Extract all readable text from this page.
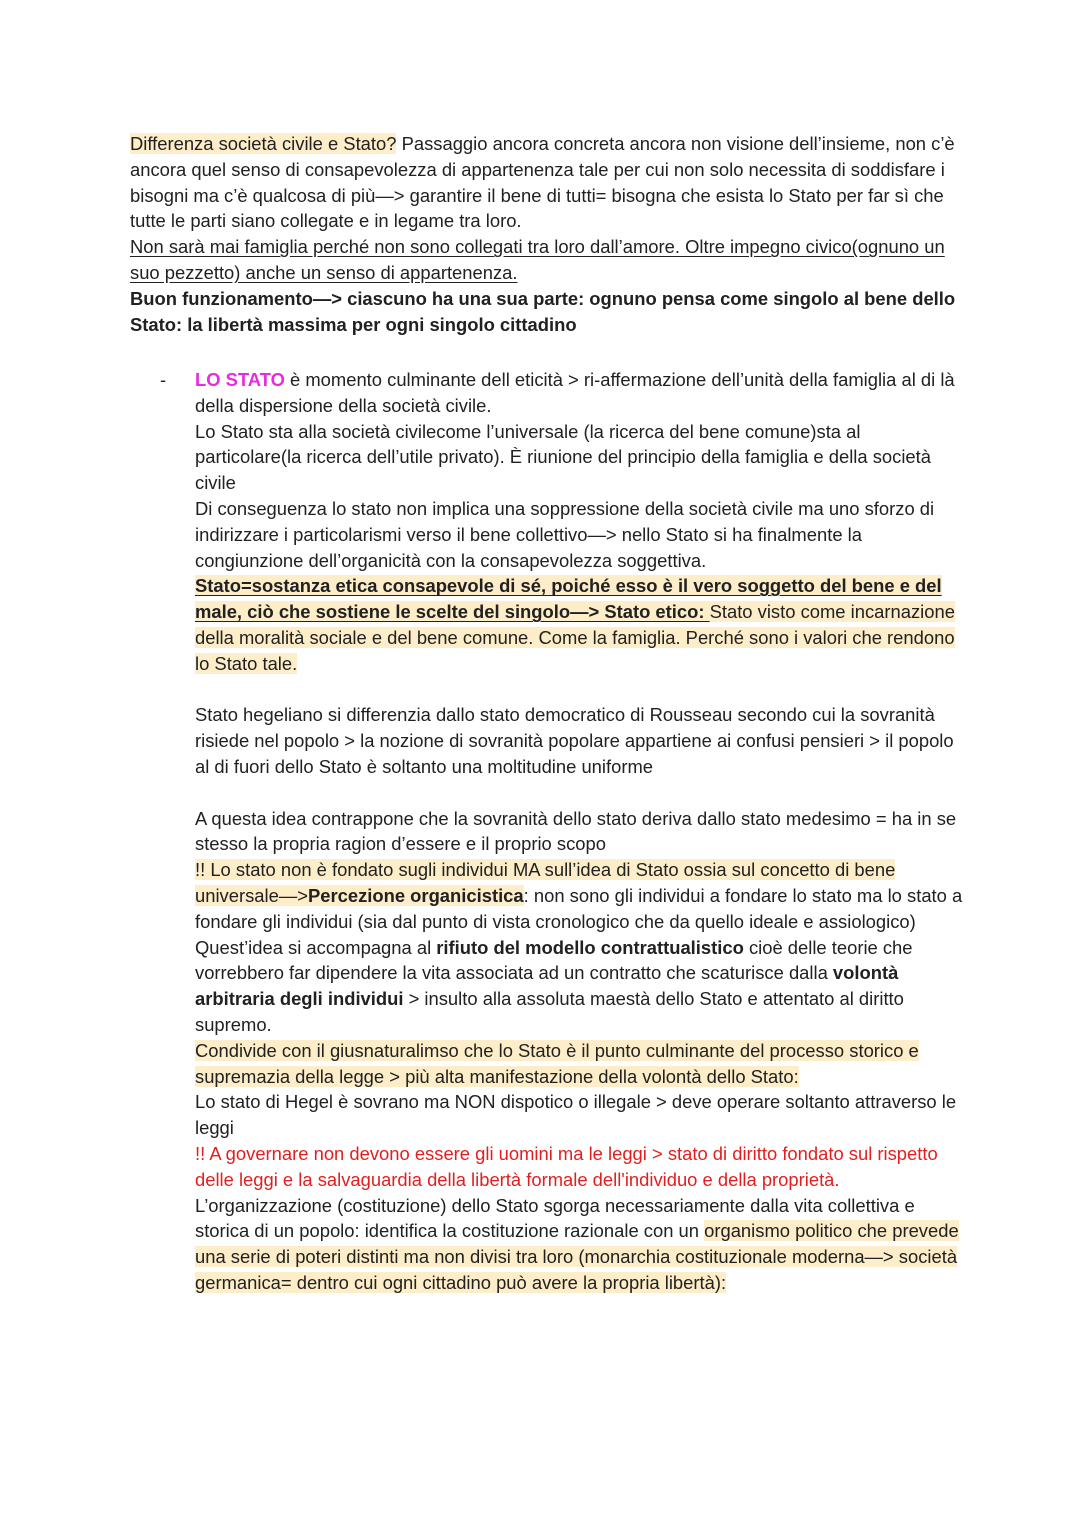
Differenza società civile e Stato? Passaggio ancora concreta ancora non visione dell’insieme, non c’è ancora quel senso di consapevolezza di appartenenza tale per cui non solo necessita di soddisfare i bisogni ma c’è qualcosa di più—> garantire il bene di tutti= bisogna che esista lo Stato per far sì che tutte le parti siano collegate e in legame tra loro.

Non sarà mai famiglia perché non sono collegati tra loro dall’amore. Oltre impegno civico(ognuno un suo pezzetto) anche un senso di appartenenza.

Buon funzionamento—> ciascuno ha una sua parte: ognuno pensa come singolo al bene dello Stato: la libertà massima per ogni singolo cittadino

- LO STATO è momento culminante dell eticità > ri-affermazione dell’unità della famiglia al di là della dispersione della società civile.

Lo Stato sta alla società civilecome l’universale (la ricerca del bene comune)sta al particolare(la ricerca dell’utile privato). È riunione del principio della famiglia e della società civile

Di conseguenza lo stato non implica una soppressione della società civile ma uno sforzo di indirizzare i particolarismi verso il bene collettivo—> nello Stato si ha finalmente la congiunzione dell’organicità con la consapevolezza soggettiva.

Stato=sostanza etica consapevole di sé, poiché esso è il vero soggetto del bene e del male, ciò che sostiene le scelte del singolo—> Stato etico: Stato visto come incarnazione della moralità sociale e del bene comune. Come la famiglia. Perché sono i valori che rendono lo Stato tale.

Stato hegeliano si differenzia dallo stato democratico di Rousseau secondo cui la sovranità risiede nel popolo > la nozione di sovranità popolare appartiene ai confusi pensieri > il popolo al di fuori dello Stato è soltanto una moltitudine uniforme

A questa idea contrappone che la sovranità dello stato deriva dallo stato medesimo = ha in se stesso la propria ragion d’essere e il proprio scopo

!! Lo stato non è fondato sugli individui MA sull’idea di Stato ossia sul concetto di bene universale—>Percezione organicistica: non sono gli individui a fondare lo stato ma lo stato a fondare gli individui (sia dal punto di vista cronologico che da quello ideale e assiologico)

Quest’idea si accompagna al rifiuto del modello contrattualistico cioè delle teorie che vorrebbero far dipendere la vita associata ad un contratto che scaturisce dalla volontà arbitraria degli individui > insulto alla assoluta maestà dello Stato e attentato al diritto supremo.

Condivide con il giusnaturalimso che lo Stato è il punto culminante del processo storico e supremazia della legge > più alta manifestazione della volontà dello Stato:

Lo stato di Hegel è sovrano ma NON dispotico o illegale > deve operare soltanto attraverso le leggi

!! A governare non devono essere gli uomini ma le leggi > stato di diritto fondato sul rispetto delle leggi e la salvaguardia della libertà formale dell'individuo e della proprietà.

L’organizzazione (costituzione) dello Stato sgorga necessariamente dalla vita collettiva e storica di un popolo: identifica la costituzione razionale con un organismo politico che prevede una serie di poteri distinti ma non divisi tra loro (monarchia costituzionale moderna—> società germanica= dentro cui ogni cittadino può avere la propria libertà):
